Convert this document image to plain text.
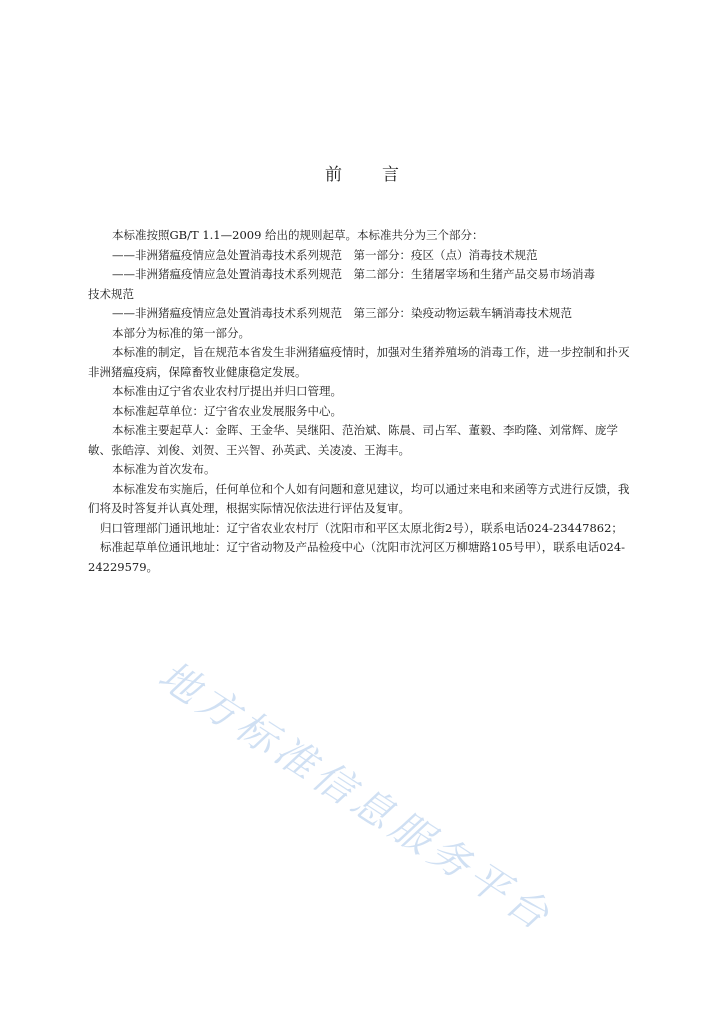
前 言

本标准按照GB/T 1.1—2009 给出的规则起草。本标准共分为三个部分：

——非洲猪瘟疫情应急处置消毒技术系列规范　第一部分：疫区（点）消毒技术规范

——非洲猪瘟疫情应急处置消毒技术系列规范　第二部分：生猪屠宰场和生猪产品交易市场消毒

技术规范

——非洲猪瘟疫情应急处置消毒技术系列规范　第三部分：染疫动物运载车辆消毒技术规范

本部分为标准的第一部分。

本标准的制定，旨在规范本省发生非洲猪瘟疫情时，加强对生猪养殖场的消毒工作，进一步控制和扑灭非洲猪瘟疫病，保障畜牧业健康稳定发展。

本标准由辽宁省农业农村厅提出并归口管理。

本标准起草单位：辽宁省农业发展服务中心。

本标准主要起草人：金晖、王金华、吴继阳、范治斌、陈晨、司占军、董毅、李昀隆、刘常辉、庞学敏、张皓淳、刘俊、刘贺、王兴智、孙英武、关凌凌、王海丰。

本标准为首次发布。

本标准发布实施后，任何单位和个人如有问题和意见建议，均可以通过来电和来函等方式进行反馈，我们将及时答复并认真处理，根据实际情况依法进行评估及复审。

归口管理部门通讯地址：辽宁省农业农村厅（沈阳市和平区太原北街2号），联系电话024-23447862；

标准起草单位通讯地址：辽宁省动物及产品检疫中心（沈阳市沈河区万柳塘路105号甲），联系电话024-24229579。

地方标准信息服务平台
